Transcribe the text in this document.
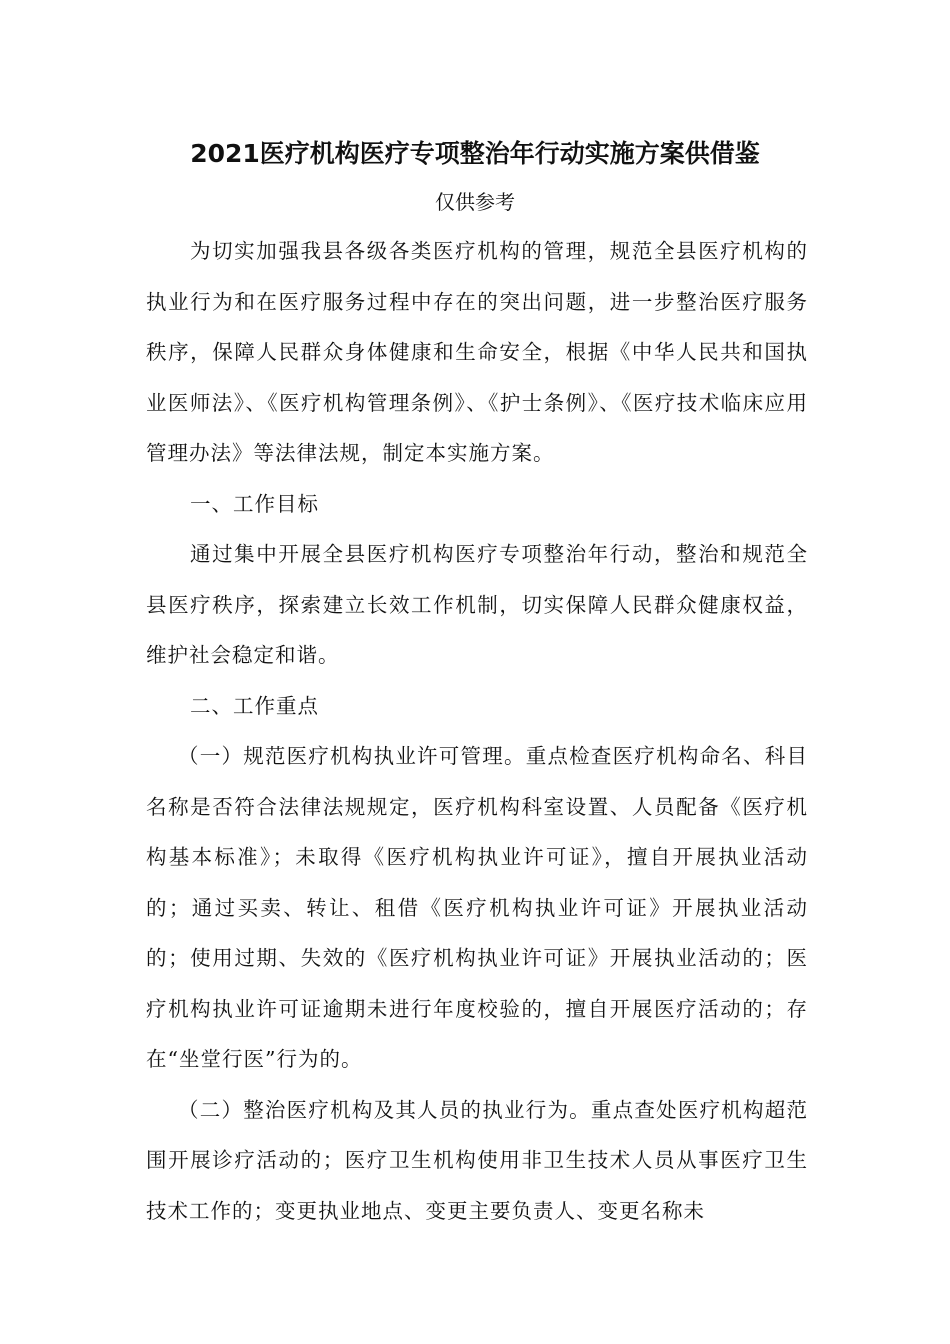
2021医疗机构医疗专项整治年行动实施方案供借鉴
仅供参考

为切实加强我县各级各类医疗机构的管理，规范全县医疗机构的执业行为和在医疗服务过程中存在的突出问题，进一步整治医疗服务秩序，保障人民群众身体健康和生命安全，根据《中华人民共和国执业医师法》、《医疗机构管理条例》、《护士条例》、《医疗技术临床应用管理办法》等法律法规，制定本实施方案。

一、工作目标

通过集中开展全县医疗机构医疗专项整治年行动，整治和规范全县医疗秩序，探索建立长效工作机制，切实保障人民群众健康权益，维护社会稳定和谐。

二、工作重点

（一）规范医疗机构执业许可管理。重点检查医疗机构命名、科目名称是否符合法律法规规定，医疗机构科室设置、人员配备《医疗机构基本标准》；未取得《医疗机构执业许可证》，擅自开展执业活动的；通过买卖、转让、租借《医疗机构执业许可证》开展执业活动的；使用过期、失效的《医疗机构执业许可证》开展执业活动的；医疗机构执业许可证逾期未进行年度校验的，擅自开展医疗活动的；存在“坐堂行医”行为的。

（二）整治医疗机构及其人员的执业行为。重点查处医疗机构超范围开展诊疗活动的；医疗卫生机构使用非卫生技术人员从事医疗卫生技术工作的；变更执业地点、变更主要负责人、变更名称未
